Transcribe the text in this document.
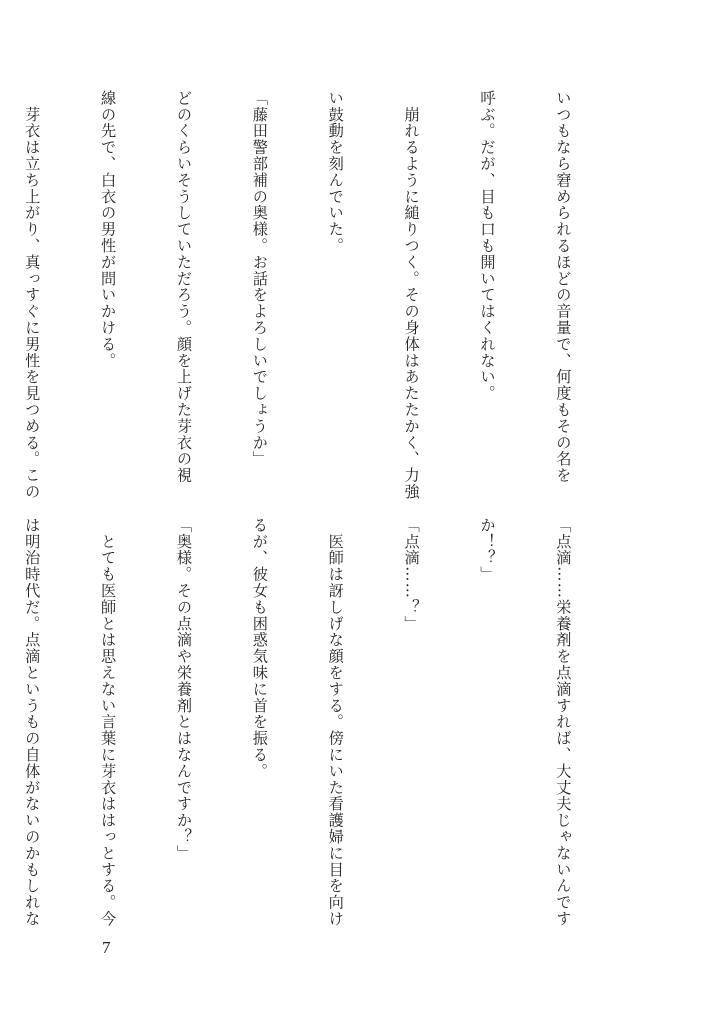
いつもなら窘められるほどの音量で、何度もその名を

呼ぶ。だが、目も口も開いてはくれない。

　崩れるように縋りつく。その身体はあたたかく、力強

い鼓動を刻んでいた。

「藤田警部補の奥様。お話をよろしいでしょうか」

どのくらいそうしていただろう。顔を上げた芽衣の視

線の先で、白衣の男性が問いかける。

　芽衣は立ち上がり、真っすぐに男性を見つめる。この

「点滴……栄養剤を点滴すれば、大丈夫じゃないんです

か！？」

「点滴……？」

　医師は訝しげな顔をする。傍にいた看護婦に目を向け

るが、彼女も困惑気味に首を振る。

「奥様。その点滴や栄養剤とはなんですか？」

　とても医師とは思えない言葉に芽衣ははっとする。今

は明治時代だ。点滴というもの自体がないのかもしれな

7
